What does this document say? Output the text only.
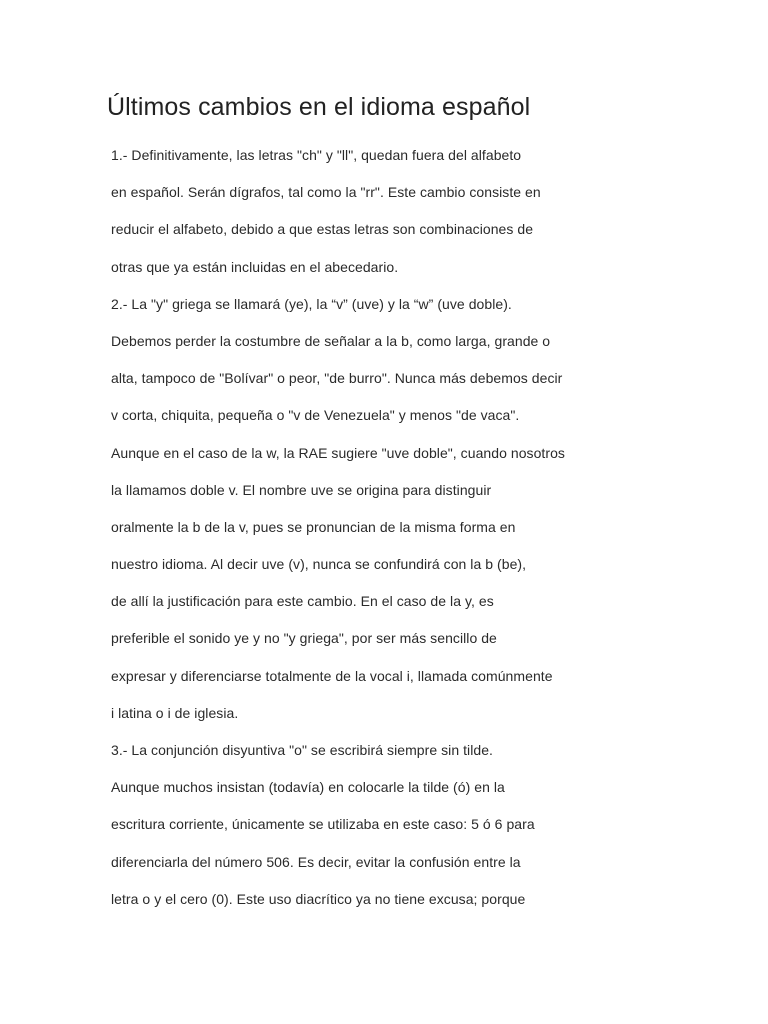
Últimos cambios en el idioma español
1.- Definitivamente, las letras "ch" y "ll", quedan fuera del alfabeto
en español. Serán dígrafos, tal como la "rr". Este cambio consiste en
reducir el alfabeto, debido a que estas letras son combinaciones de
otras que ya están incluidas en el abecedario.
2.- La "y" griega se llamará (ye), la “v” (uve) y la “w” (uve doble).
Debemos perder la costumbre de señalar a la b, como larga, grande o
alta, tampoco de "Bolívar" o peor, "de burro". Nunca más debemos decir
v corta, chiquita, pequeña o "v de Venezuela" y menos "de vaca".
Aunque en el caso de la w, la RAE sugiere "uve doble", cuando nosotros
la llamamos doble v. El nombre uve se origina para distinguir
oralmente la b de la v, pues se pronuncian de la misma forma en
nuestro idioma. Al decir uve (v), nunca se confundirá con la b (be),
de allí la justificación para este cambio. En el caso de la y, es
preferible el sonido ye y no "y griega", por ser más sencillo de
expresar y diferenciarse totalmente de la vocal i, llamada comúnmente
i latina o i de iglesia.
3.- La conjunción disyuntiva "o" se escribirá siempre sin tilde.
Aunque muchos insistan (todavía) en colocarle la tilde (ó) en la
escritura corriente, únicamente se utilizaba en este caso: 5 ó 6 para
diferenciarla del número 506. Es decir, evitar la confusión entre la
letra o y el cero (0). Este uso diacrítico ya no tiene excusa; porque
